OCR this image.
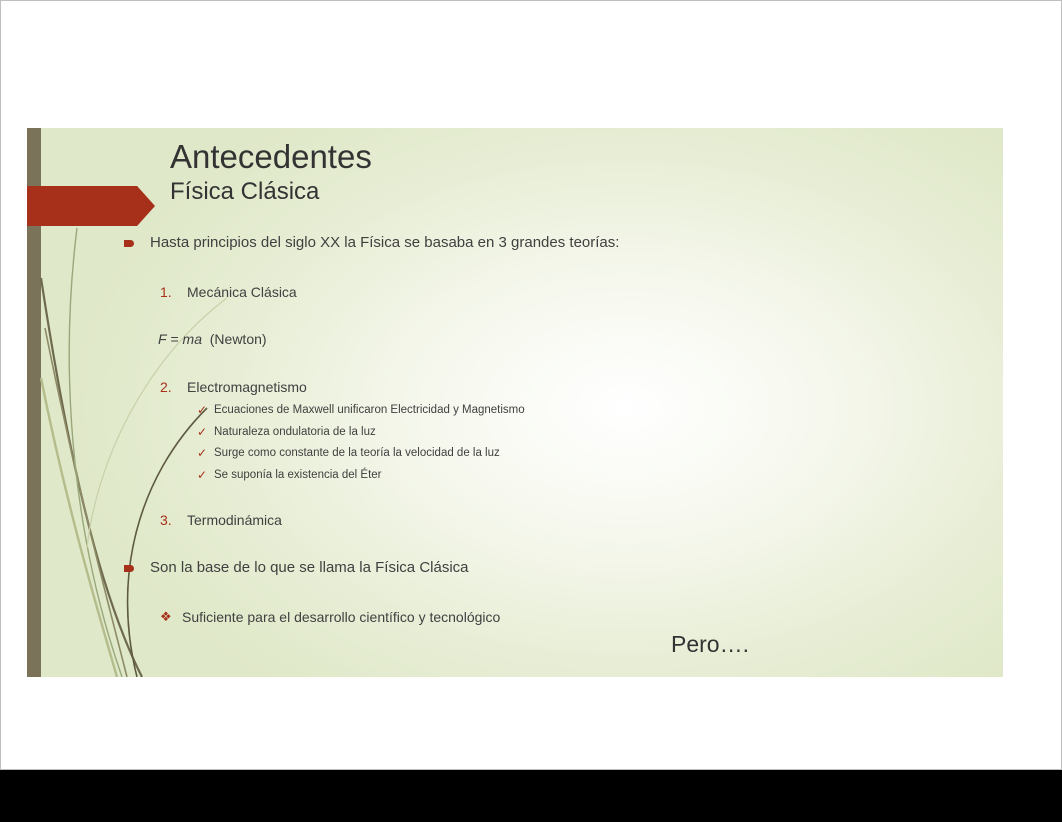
Antecedentes
Física Clásica
Hasta principios del siglo XX la Física se basaba en 3 grandes teorías:
1. Mecánica Clásica
F = ma (Newton)
2. Electromagnetismo
✓ Ecuaciones de Maxwell unificaron Electricidad y Magnetismo
✓ Naturaleza ondulatoria de la luz
✓ Surge como constante de la teoría la velocidad de la luz
✓ Se suponía la existencia del Éter
3. Termodinámica
Son la base de lo que se llama la Física Clásica
❖ Suficiente para el desarrollo científico y tecnológico
Pero….
